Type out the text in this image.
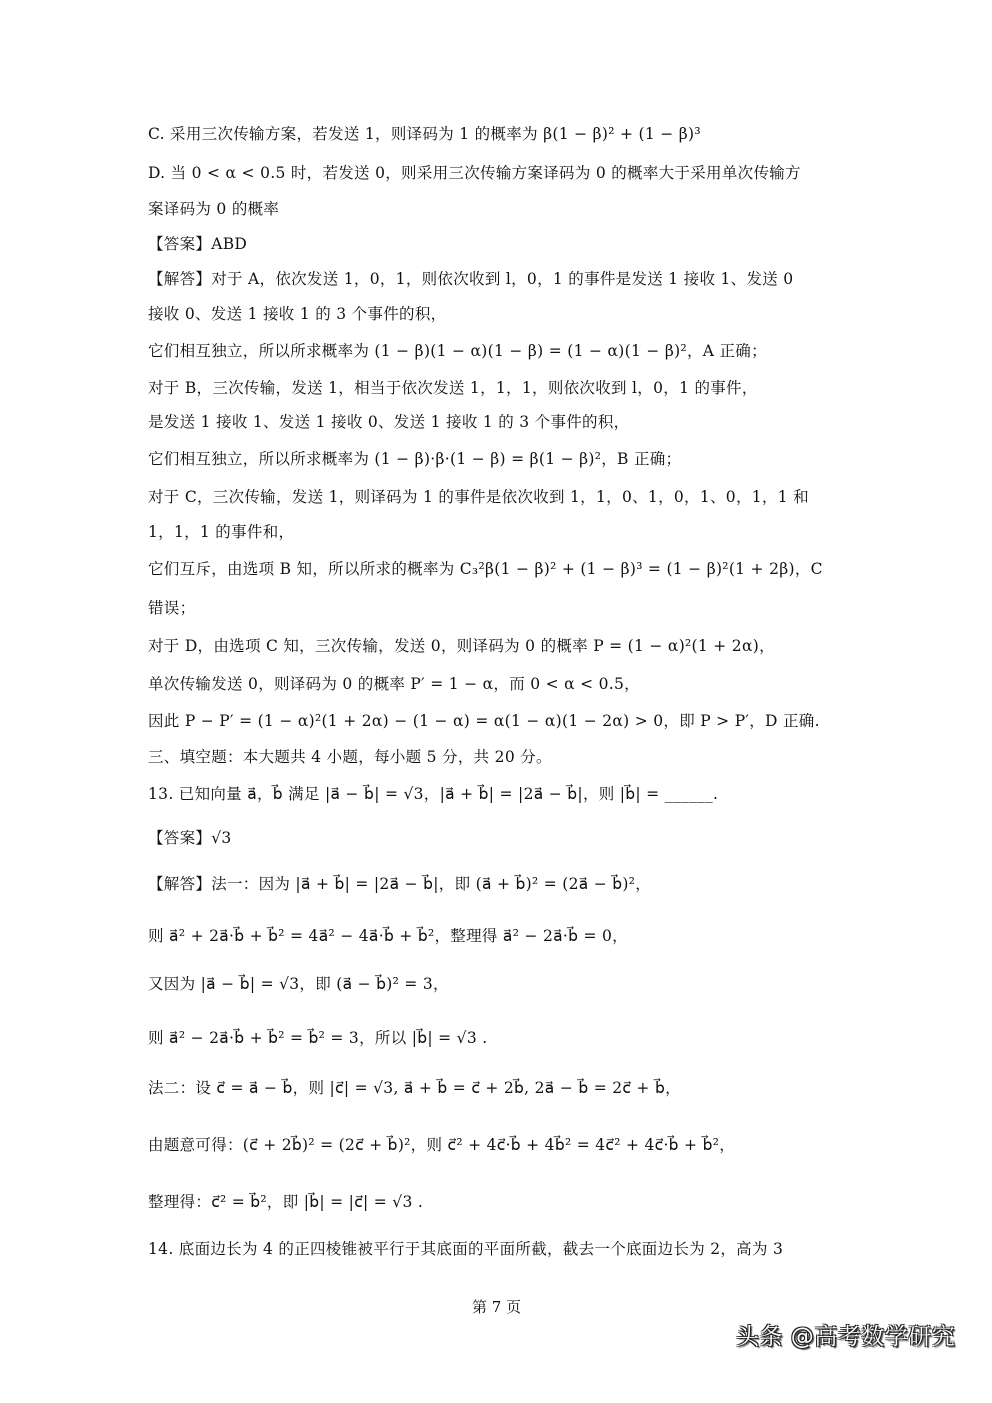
C. 采用三次传输方案，若发送 1，则译码为 1 的概率为 β(1 − β)² + (1 − β)³
D. 当 0 < α < 0.5 时，若发送 0，则采用三次传输方案译码为 0 的概率大于采用单次传输方
案译码为 0 的概率
【答案】ABD
【解答】对于 A，依次发送 1，0，1，则依次收到 l，0，1 的事件是发送 1 接收 1、发送 0
接收 0、发送 1 接收 1 的 3 个事件的积，
它们相互独立，所以所求概率为 (1 − β)(1 − α)(1 − β) = (1 − α)(1 − β)²，A 正确；
对于 B，三次传输，发送 1，相当于依次发送 1，1，1，则依次收到 l，0，1 的事件，
是发送 1 接收 1、发送 1 接收 0、发送 1 接收 1 的 3 个事件的积，
它们相互独立，所以所求概率为 (1 − β)·β·(1 − β) = β(1 − β)²，B 正确；
对于 C，三次传输，发送 1，则译码为 1 的事件是依次收到 1，1，0、1，0，1、0，1，1 和
1，1，1 的事件和，
它们互斥，由选项 B 知，所以所求的概率为 C₃²β(1 − β)² + (1 − β)³ = (1 − β)²(1 + 2β)，C
错误；
对于 D，由选项 C 知，三次传输，发送 0，则译码为 0 的概率 P = (1 − α)²(1 + 2α)，
单次传输发送 0，则译码为 0 的概率 P′ = 1 − α，而 0 < α < 0.5，
因此 P − P′ = (1 − α)²(1 + 2α) − (1 − α) = α(1 − α)(1 − 2α) > 0，即 P > P′，D 正确.
三、填空题：本大题共 4 小题，每小题 5 分，共 20 分。
13. 已知向量 a⃗，b⃗ 满足 |a⃗ − b⃗| = √3，|a⃗ + b⃗| = |2a⃗ − b⃗|，则 |b⃗| = ______.
【答案】√3
【解答】法一：因为 |a⃗ + b⃗| = |2a⃗ − b⃗|，即 (a⃗ + b⃗)² = (2a⃗ − b⃗)²，
则 a⃗² + 2a⃗·b⃗ + b⃗² = 4a⃗² − 4a⃗·b⃗ + b⃗²，整理得 a⃗² − 2a⃗·b⃗ = 0，
又因为 |a⃗ − b⃗| = √3，即 (a⃗ − b⃗)² = 3，
则 a⃗² − 2a⃗·b⃗ + b⃗² = b⃗² = 3，所以 |b⃗| = √3 .
法二：设 c⃗ = a⃗ − b⃗，则 |c⃗| = √3, a⃗ + b⃗ = c⃗ + 2b⃗, 2a⃗ − b⃗ = 2c⃗ + b⃗，
由题意可得：(c⃗ + 2b⃗)² = (2c⃗ + b⃗)²，则 c⃗² + 4c⃗·b⃗ + 4b⃗² = 4c⃗² + 4c⃗·b⃗ + b⃗²，
整理得：c⃗² = b⃗²，即 |b⃗| = |c⃗| = √3 .
14. 底面边长为 4 的正四棱锥被平行于其底面的平面所截，截去一个底面边长为 2，高为 3
第 7 页
头条 @高考数学研究
